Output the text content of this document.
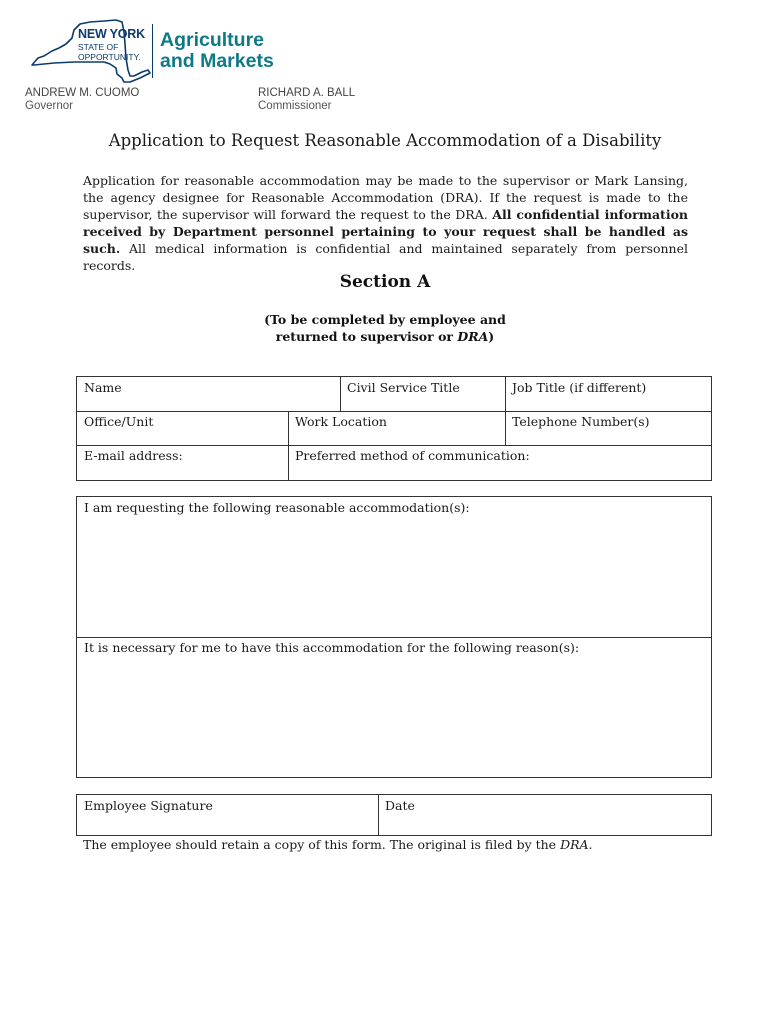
NEW YORK
STATE OF
OPPORTUNITY.
Agriculture
and Markets
ANDREW M. CUOMO
Governor
RICHARD A. BALL
Commissioner
Application to Request Reasonable Accommodation of a Disability
Application for reasonable accommodation may be made to the supervisor or Mark Lansing, the agency designee for Reasonable Accommodation (DRA). If the request is made to the supervisor, the supervisor will forward the request to the DRA. All confidential information received by Department personnel pertaining to your request shall be handled as such. All medical information is confidential and maintained separately from personnel records.
Section A
(To be completed by employee and
returned to supervisor or DRA)
Name	Civil Service Title	Job Title (if different)
Office/Unit	Work Location	Telephone Number(s)
E-mail address:	Preferred method of communication:
I am requesting the following reasonable accommodation(s):
It is necessary for me to have this accommodation for the following reason(s):
Employee Signature	Date
The employee should retain a copy of this form. The original is filed by the DRA.
